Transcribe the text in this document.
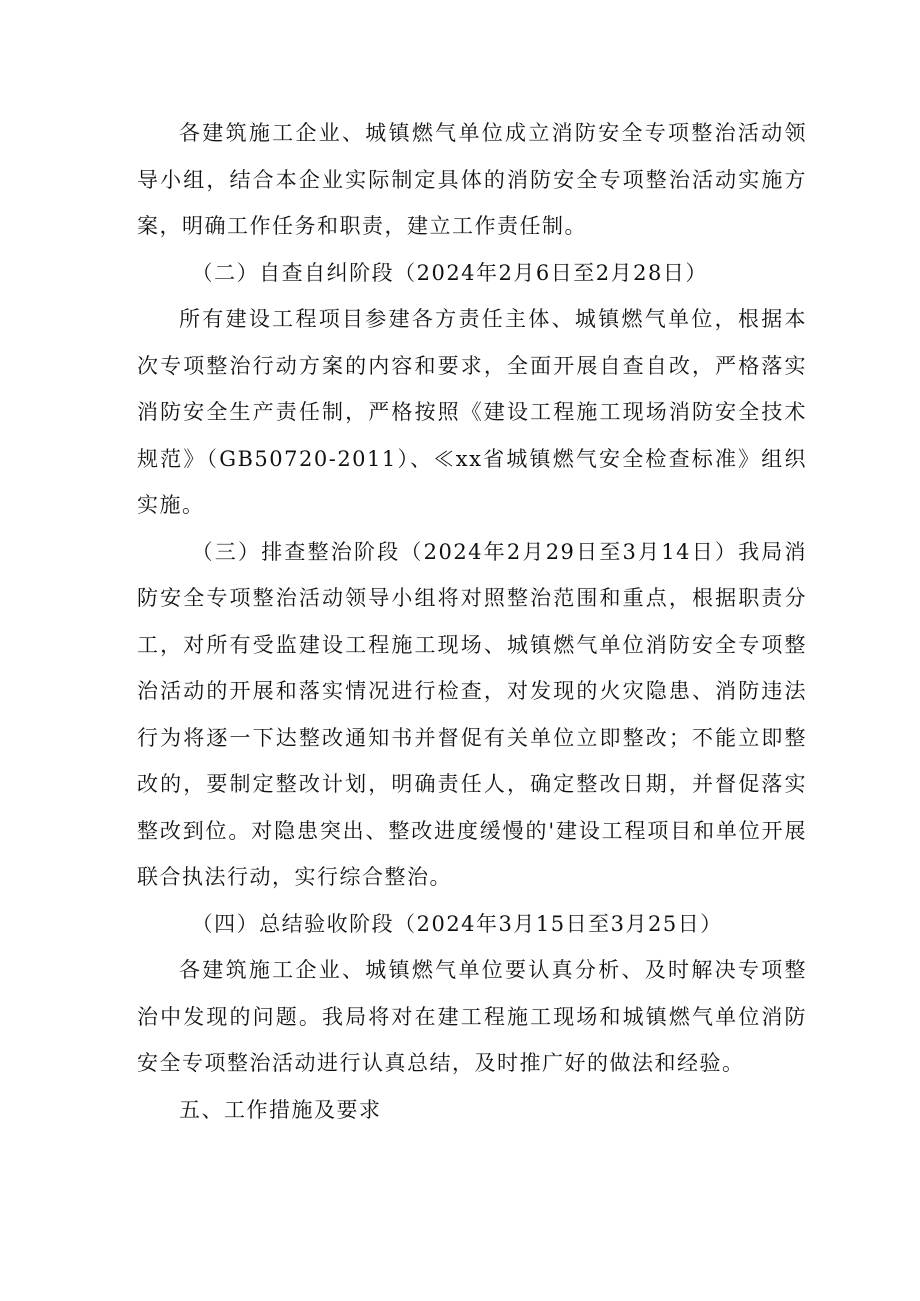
各建筑施工企业、城镇燃气单位成立消防安全专项整治活动领导小组，结合本企业实际制定具体的消防安全专项整治活动实施方案，明确工作任务和职责，建立工作责任制。

（二）自查自纠阶段（2024年2月6日至2月28日）

所有建设工程项目参建各方责任主体、城镇燃气单位，根据本次专项整治行动方案的内容和要求，全面开展自查自改，严格落实消防安全生产责任制，严格按照《建设工程施工现场消防安全技术规范》（GB50720-2011）、≪xx省城镇燃气安全检查标准》组织实施。

（三）排查整治阶段（2024年2月29日至3月14日）我局消防安全专项整治活动领导小组将对照整治范围和重点，根据职责分工，对所有受监建设工程施工现场、城镇燃气单位消防安全专项整治活动的开展和落实情况进行检查，对发现的火灾隐患、消防违法行为将逐一下达整改通知书并督促有关单位立即整改；不能立即整改的，要制定整改计划，明确责任人，确定整改日期，并督促落实整改到位。对隐患突出、整改进度缓慢的'建设工程项目和单位开展联合执法行动，实行综合整治。

（四）总结验收阶段（2024年3月15日至3月25日）

各建筑施工企业、城镇燃气单位要认真分析、及时解决专项整治中发现的问题。我局将对在建工程施工现场和城镇燃气单位消防安全专项整治活动进行认真总结，及时推广好的做法和经验。

五、工作措施及要求
